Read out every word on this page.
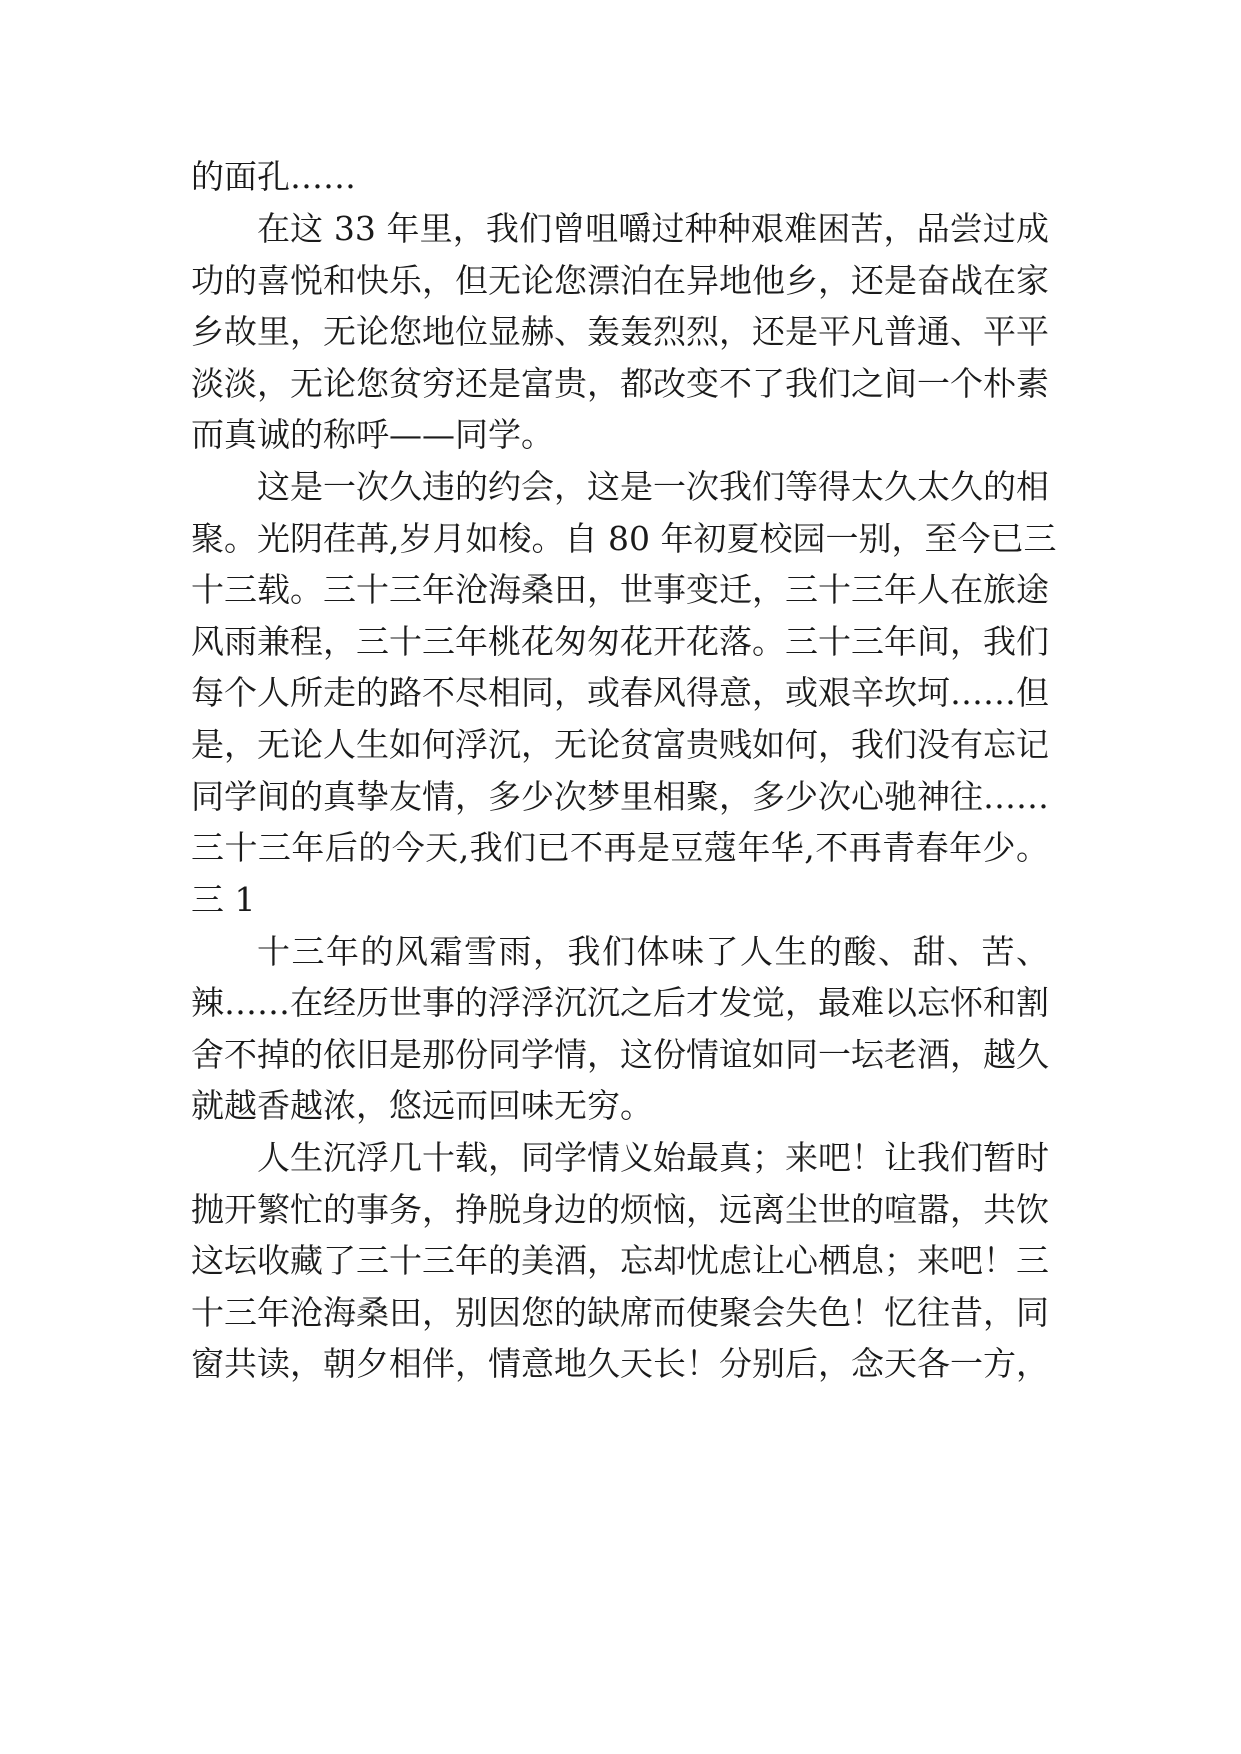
的面孔……
在这 33 年里，我们曾咀嚼过种种艰难困苦，品尝过成
功的喜悦和快乐，但无论您漂泊在异地他乡，还是奋战在家
乡故里，无论您地位显赫、轰轰烈烈，还是平凡普通、平平
淡淡，无论您贫穷还是富贵，都改变不了我们之间一个朴素
而真诚的称呼——同学。
这是一次久违的约会，这是一次我们等得太久太久的相
聚。光阴荏苒,岁月如梭。自 80 年初夏校园一别，至今已三
十三载。三十三年沧海桑田，世事变迁，三十三年人在旅途
风雨兼程，三十三年桃花匆匆花开花落。三十三年间，我们
每个人所走的路不尽相同，或春风得意，或艰辛坎坷……但
是，无论人生如何浮沉，无论贫富贵贱如何，我们没有忘记
同学间的真挚友情，多少次梦里相聚，多少次心驰神往……
三十三年后的今天,我们已不再是豆蔻年华,不再青春年少。
三 1
十三年的风霜雪雨，我们体味了人生的酸、甜、苦、
辣……在经历世事的浮浮沉沉之后才发觉，最难以忘怀和割
舍不掉的依旧是那份同学情，这份情谊如同一坛老酒，越久
就越香越浓，悠远而回味无穷。
人生沉浮几十载，同学情义始最真；来吧！让我们暂时
抛开繁忙的事务，挣脱身边的烦恼，远离尘世的喧嚣，共饮
这坛收藏了三十三年的美酒，忘却忧虑让心栖息；来吧！三
十三年沧海桑田，别因您的缺席而使聚会失色！忆往昔，同
窗共读，朝夕相伴，情意地久天长！分别后，念天各一方，
